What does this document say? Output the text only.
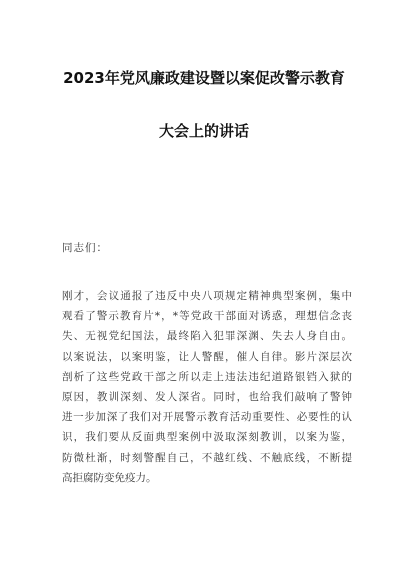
2023年党风廉政建设暨以案促改警示教育
大会上的讲话
同志们：
刚才，会议通报了违反中央八项规定精神典型案例，集中
观看了警示教育片*，*等党政干部面对诱惑，理想信念丧
失、无视党纪国法，最终陷入犯罪深渊、失去人身自由。
以案说法，以案明鉴，让人警醒，催人自律。影片深层次
剖析了这些党政干部之所以走上违法违纪道路银铛入狱的
原因，教训深刻、发人深省。同时，也给我们敲响了警钟
进一步加深了我们对开展警示教育活动重要性、必要性的认
识，我们要从反面典型案例中汲取深刻教训，以案为鉴，
防微杜渐，时刻警醒自己，不越红线、不触底线，不断提
高拒腐防变免疫力。
